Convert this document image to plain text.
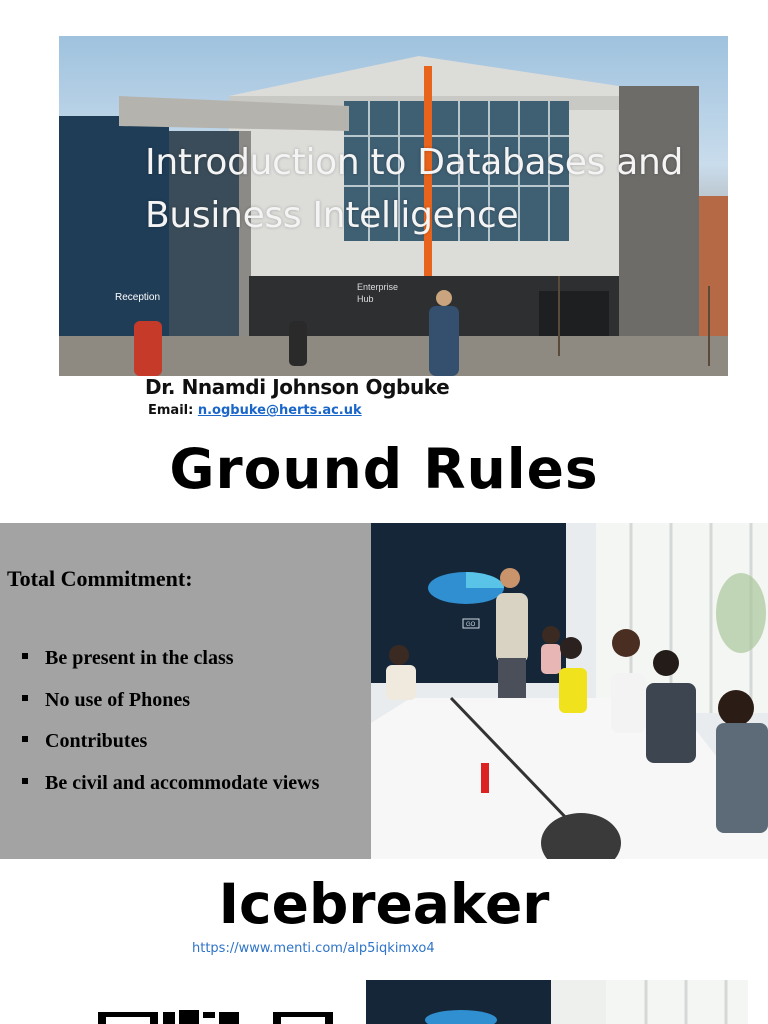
Reception
Enterprise
Hub
Introduction to Databases and
Business Intelligence
Dr. Nnamdi Johnson Ogbuke
Email: n.ogbuke@herts.ac.uk
Ground Rules
Total Commitment:
Be present in the class
No use of Phones
Contributes
Be civil and accommodate views
GO
Icebreaker
https://www.menti.com/alp5iqkimxo4
